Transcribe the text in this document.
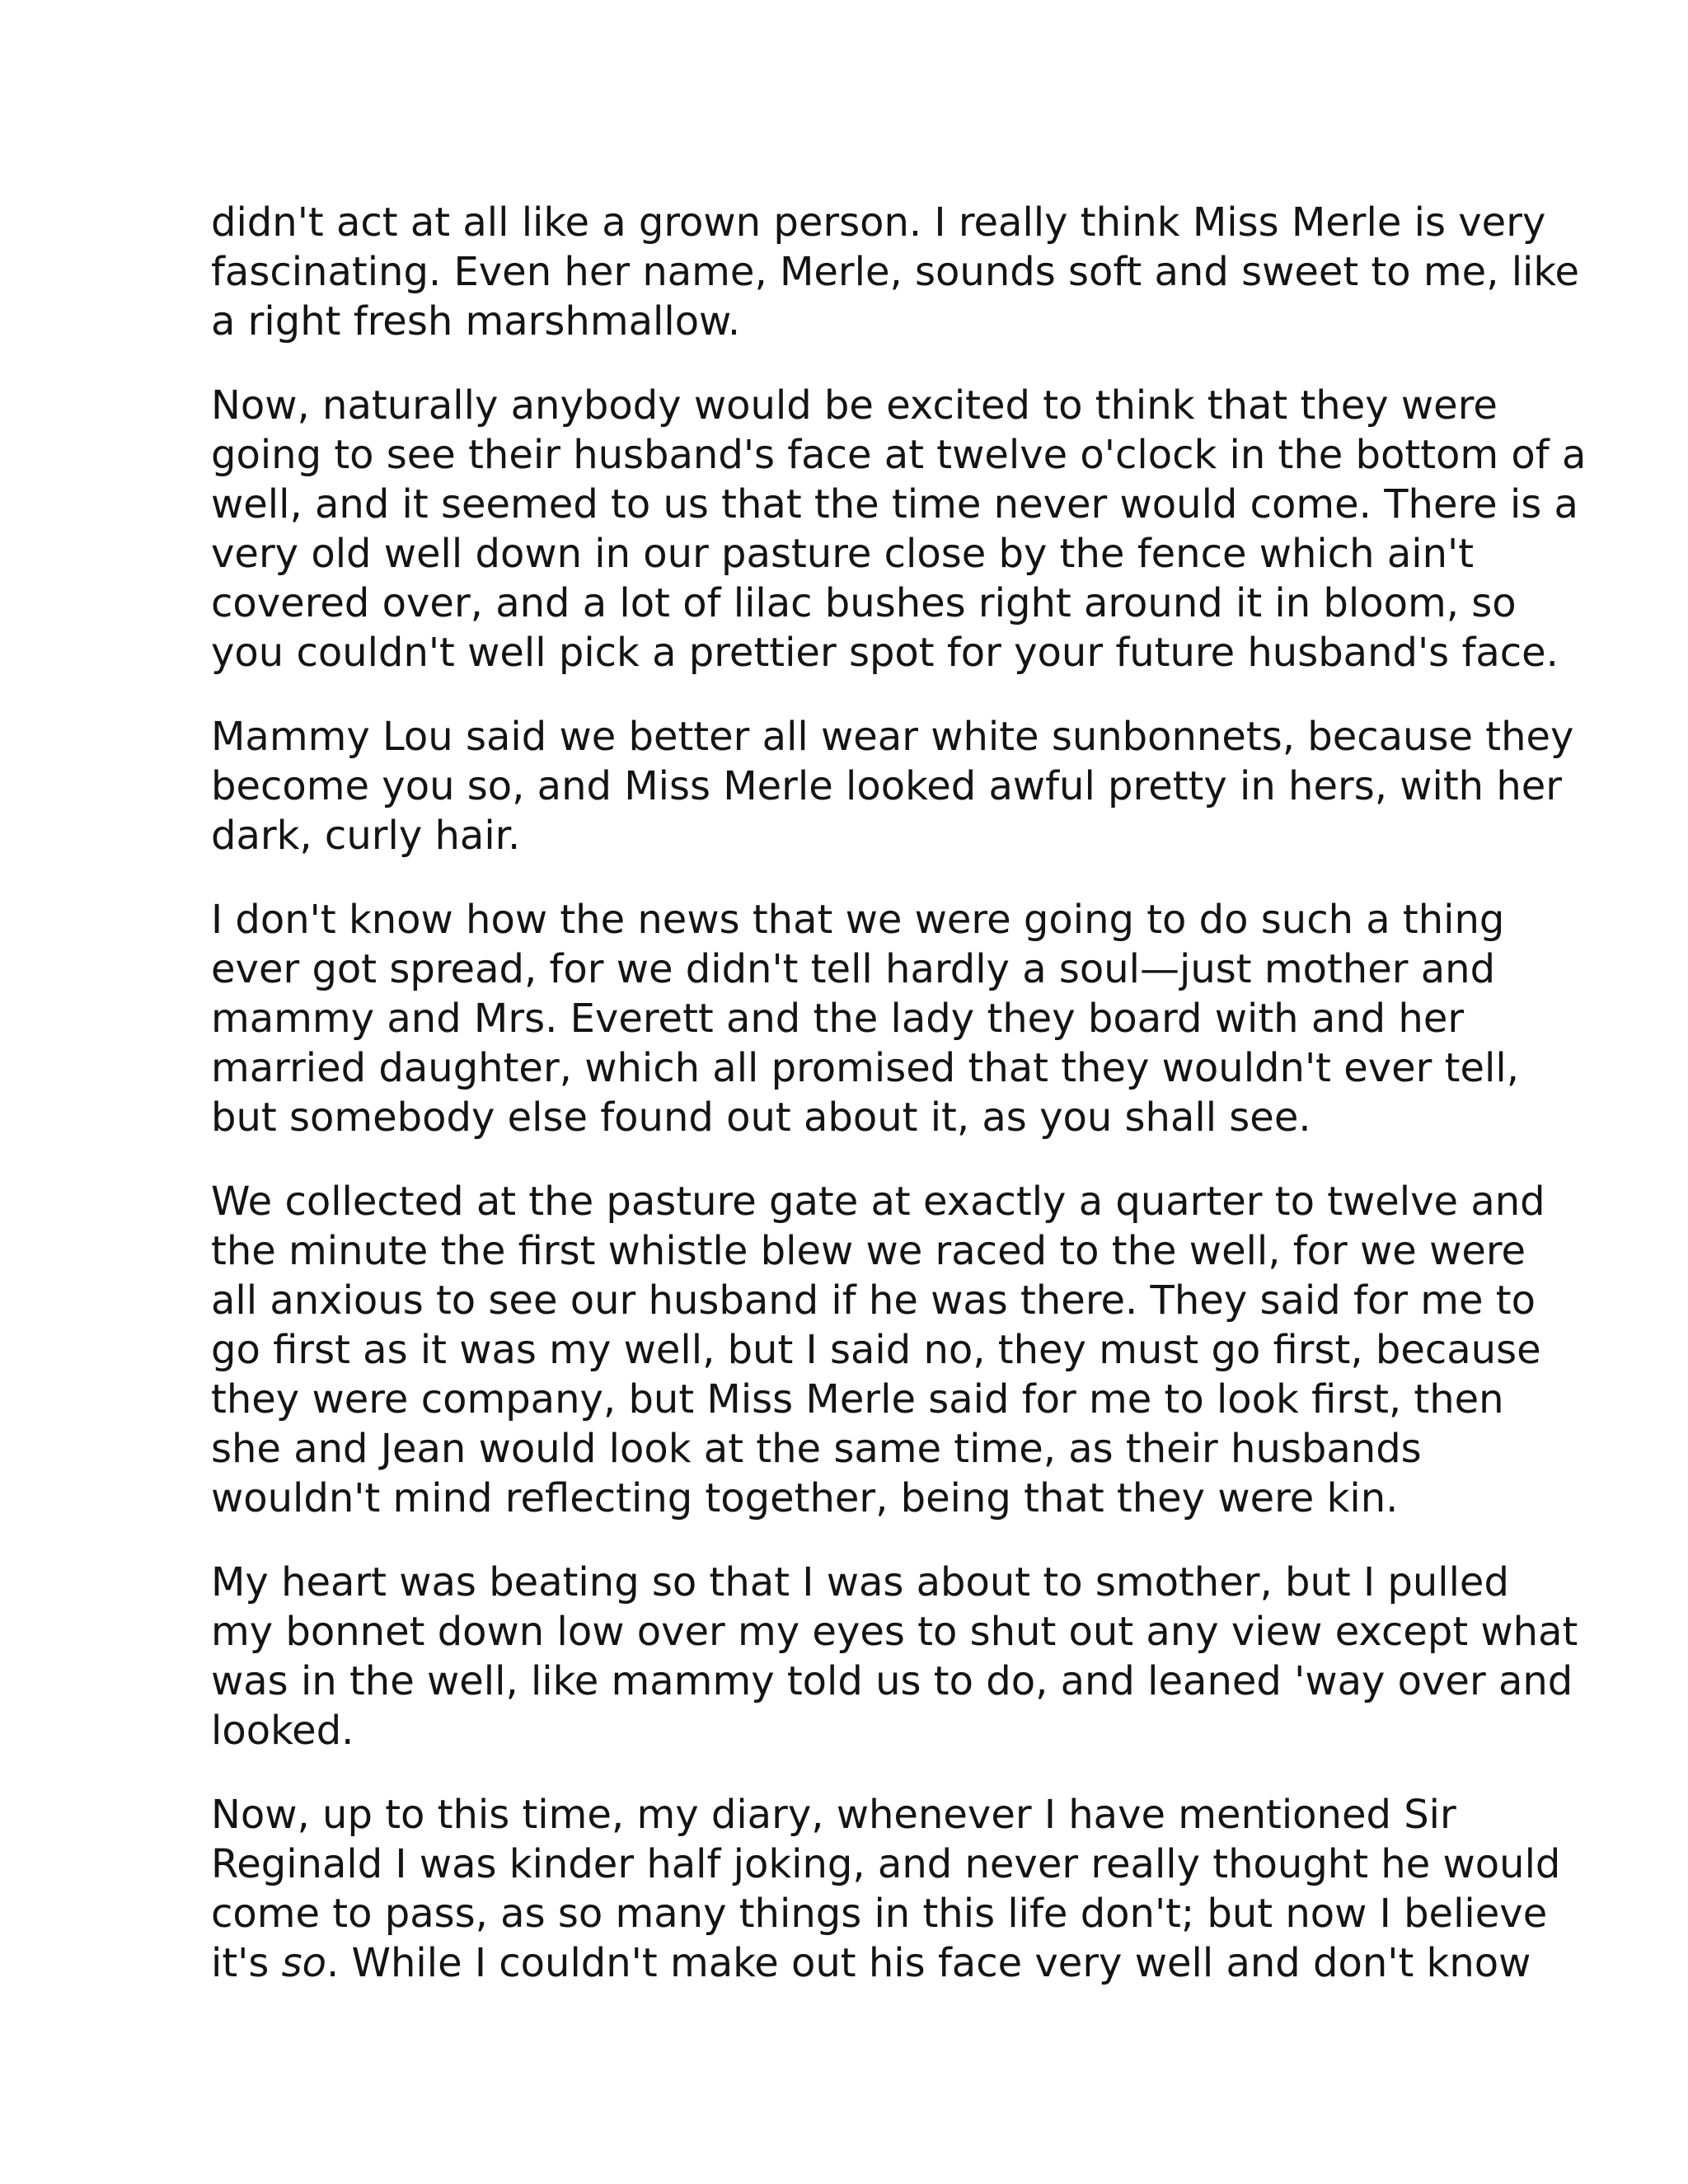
didn't act at all like a grown person. I really think Miss Merle is very
fascinating. Even her name, Merle, sounds soft and sweet to me, like
a right fresh marshmallow.

Now, naturally anybody would be excited to think that they were
going to see their husband's face at twelve o'clock in the bottom of a
well, and it seemed to us that the time never would come. There is a
very old well down in our pasture close by the fence which ain't
covered over, and a lot of lilac bushes right around it in bloom, so
you couldn't well pick a prettier spot for your future husband's face.

Mammy Lou said we better all wear white sunbonnets, because they
become you so, and Miss Merle looked awful pretty in hers, with her
dark, curly hair.

I don't know how the news that we were going to do such a thing
ever got spread, for we didn't tell hardly a soul—just mother and
mammy and Mrs. Everett and the lady they board with and her
married daughter, which all promised that they wouldn't ever tell,
but somebody else found out about it, as you shall see.

We collected at the pasture gate at exactly a quarter to twelve and
the minute the first whistle blew we raced to the well, for we were
all anxious to see our husband if he was there. They said for me to
go first as it was my well, but I said no, they must go first, because
they were company, but Miss Merle said for me to look first, then
she and Jean would look at the same time, as their husbands
wouldn't mind reflecting together, being that they were kin.

My heart was beating so that I was about to smother, but I pulled
my bonnet down low over my eyes to shut out any view except what
was in the well, like mammy told us to do, and leaned 'way over and
looked.

Now, up to this time, my diary, whenever I have mentioned Sir
Reginald I was kinder half joking, and never really thought he would
come to pass, as so many things in this life don't; but now I believe
it's so. While I couldn't make out his face very well and don't know
